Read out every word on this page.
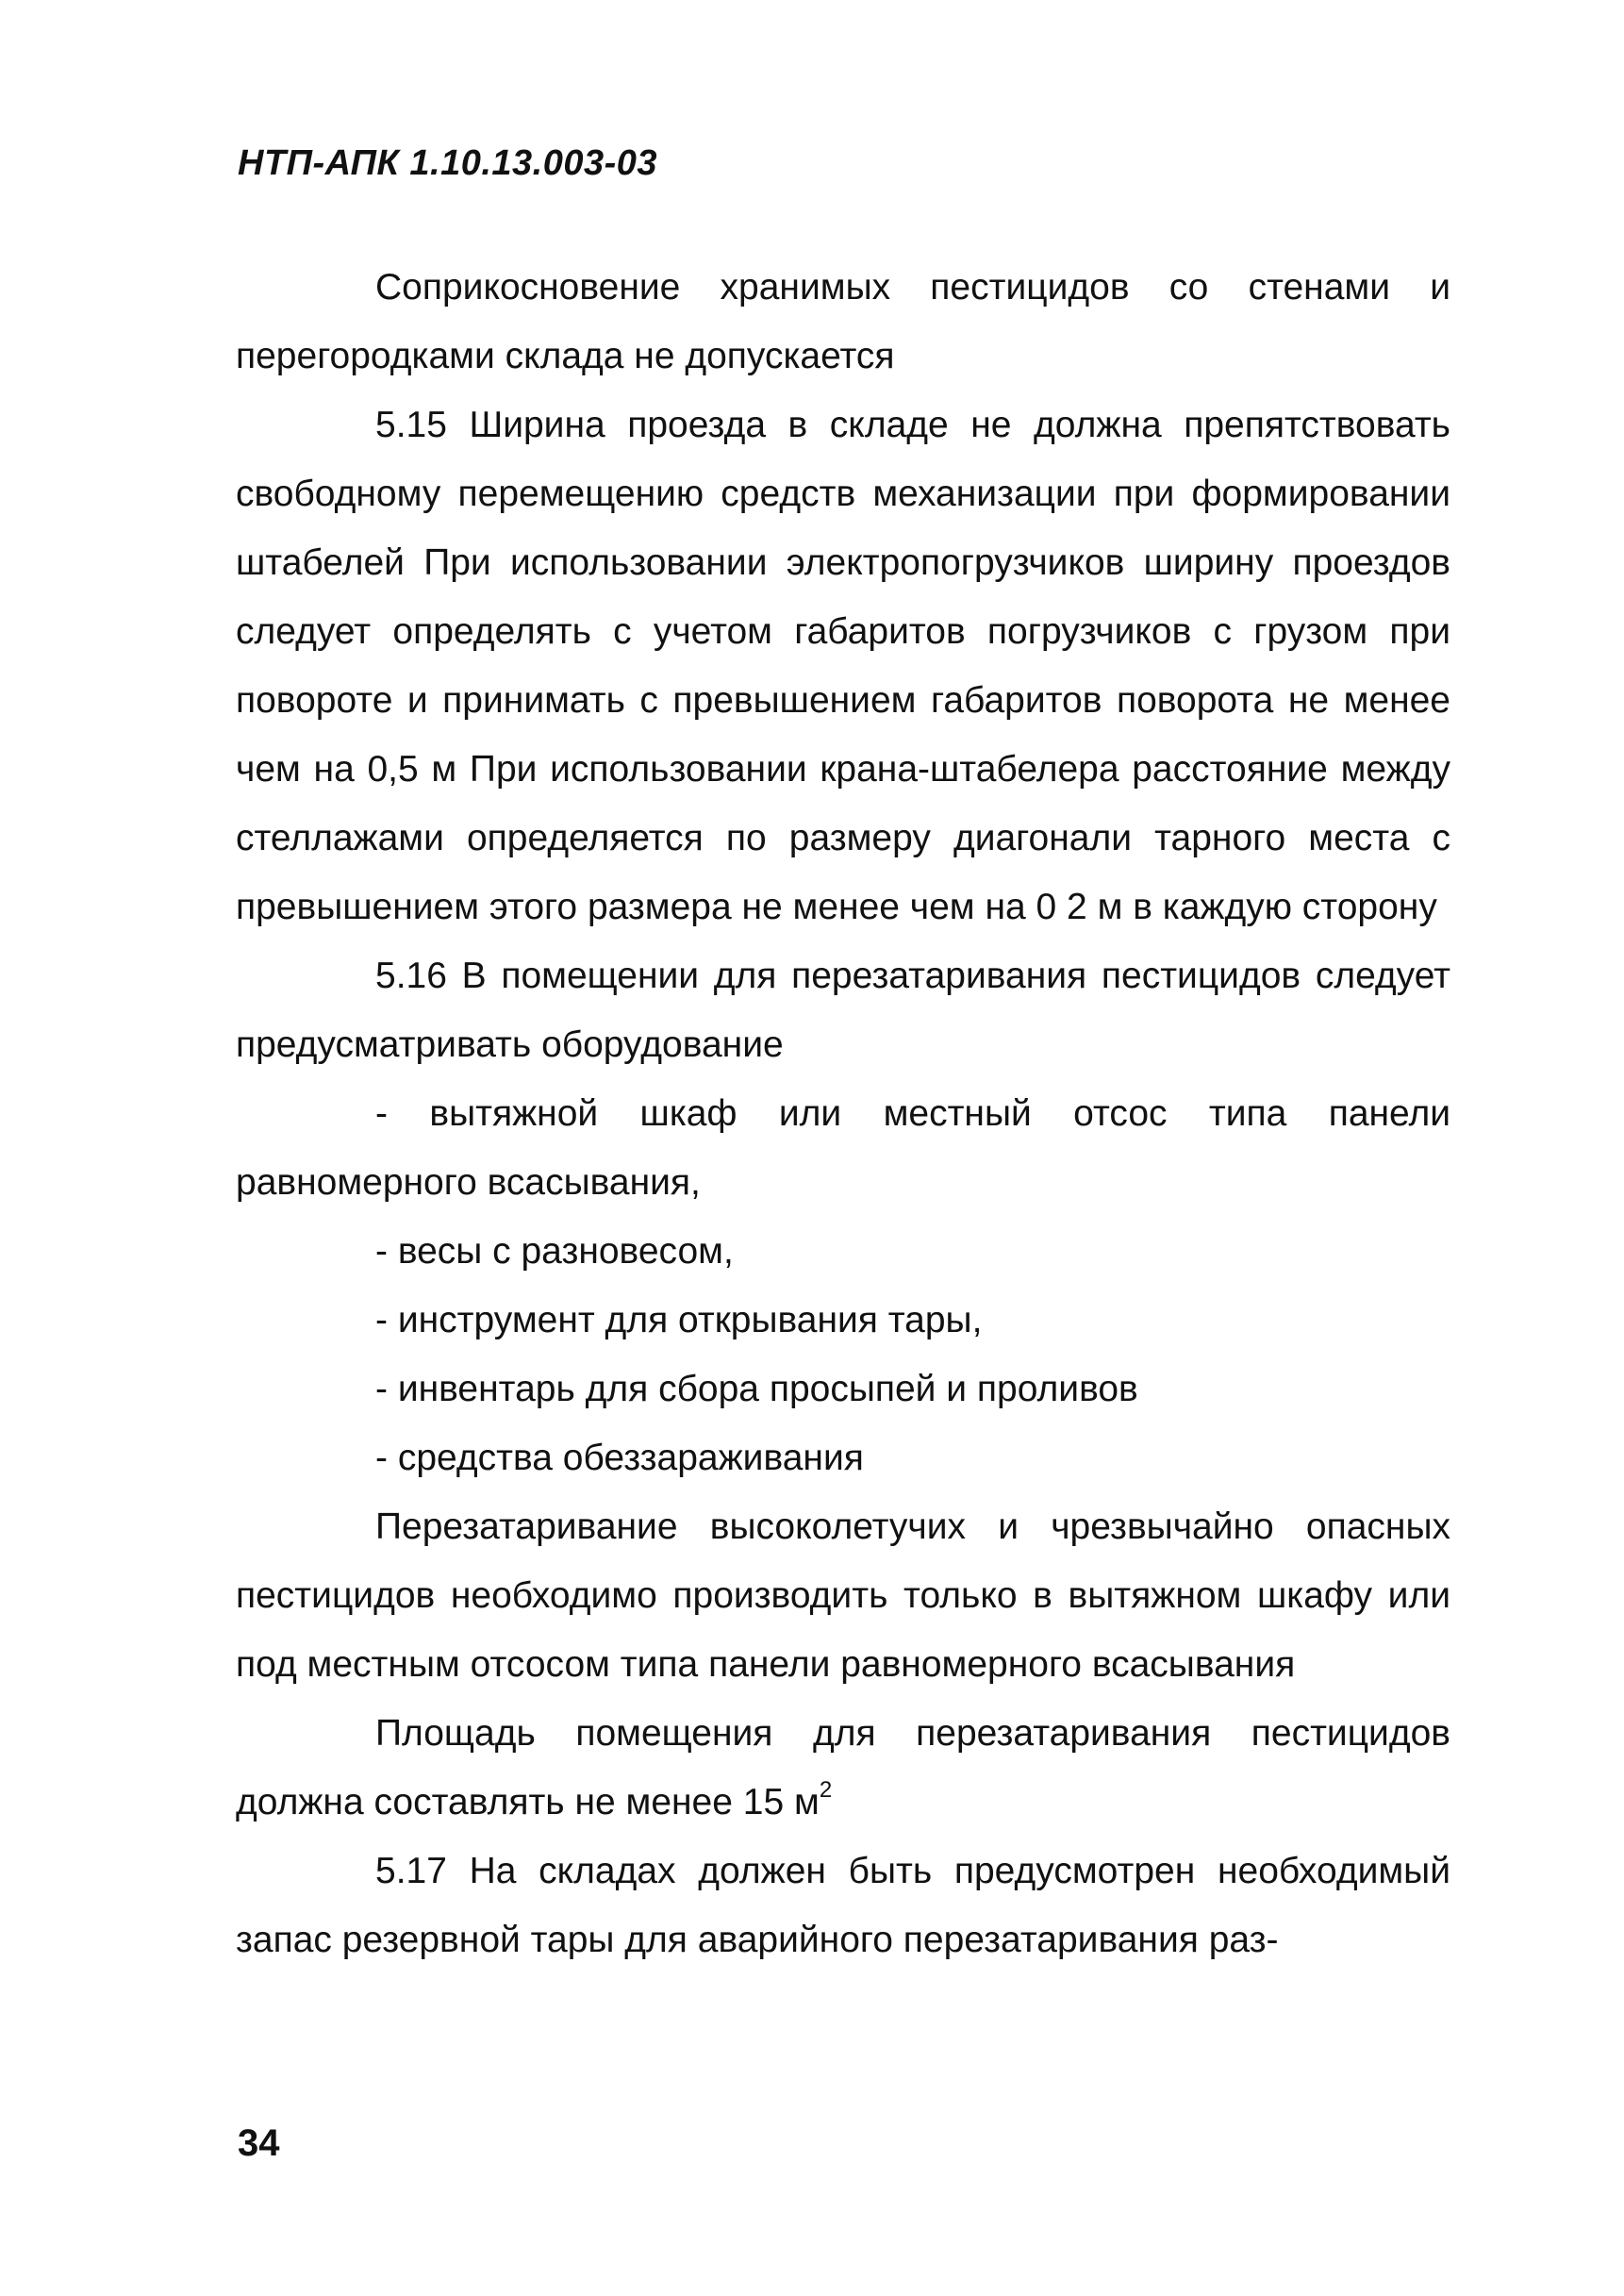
НТП-АПК 1.10.13.003-03

Соприкосновение хранимых пестицидов со стенами и перегородками склада не допускается

5.15 Ширина проезда в складе не должна препятствовать свободному перемещению средств механизации при формировании штабелей При использовании электропогрузчиков ширину проездов следует определять с учетом габаритов погрузчиков с грузом при повороте и принимать с превышением габаритов поворота не менее чем на 0,5 м При использовании крана-штабелера расстояние между стеллажами определяется по размеру диагонали тарного места с превышением этого размера не менее чем на 0 2 м в каждую сторону

5.16 В помещении для перезатаривания пестицидов следует предусматривать оборудование

- вытяжной шкаф или местный отсос типа панели равномерного всасывания,

- весы с разновесом,
- инструмент для открывания тары,
- инвентарь для сбора просыпей и проливов
- средства обеззараживания

Перезатаривание высоколетучих и чрезвычайно опасных пестицидов необходимо производить только в вытяжном шкафу или под местным отсосом типа панели равномерного всасывания

Площадь помещения для перезатаривания пестицидов должна составлять не менее 15 $м^2$

5.17 На складах должен быть предусмотрен необходимый запас резервной тары для аварийного перезатаривания раз-

34
